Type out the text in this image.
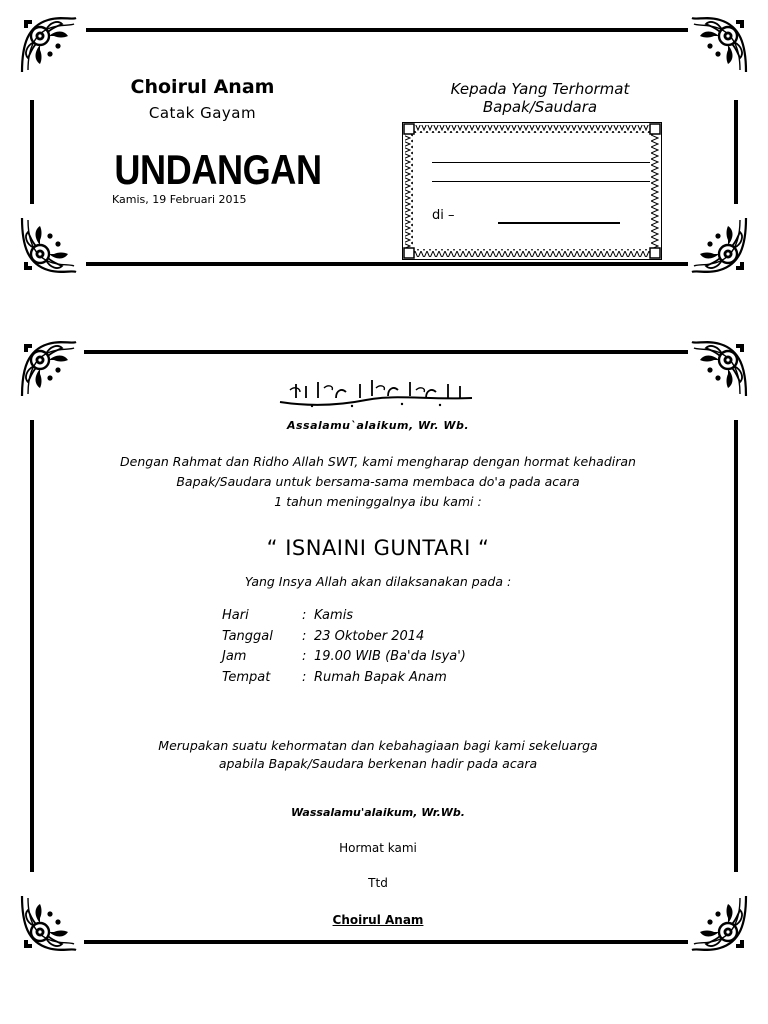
Choirul Anam
Catak Gayam
UNDANGAN
Kamis, 19 Februari 2015
Kepada Yang Terhormat
Bapak/Saudara
di –
Assalamu`alaikum, Wr. Wb.
Dengan Rahmat dan Ridho Allah SWT, kami mengharap dengan hormat kehadiran
Bapak/Saudara untuk bersama-sama membaca do'a pada acara
1 tahun meninggalnya ibu kami :
“ ISNAINI GUNTARI “
Yang Insya Allah akan dilaksanakan pada :
Hari	: Kamis
Tanggal : 23 Oktober 2014
Jam	: 19.00 WIB (Ba'da Isya')
Tempat : Rumah Bapak Anam
Merupakan suatu kehormatan dan kebahagiaan bagi kami sekeluarga
apabila Bapak/Saudara berkenan hadir pada acara
Wassalamu'alaikum, Wr.Wb.
Hormat kami
Ttd
Choirul Anam
